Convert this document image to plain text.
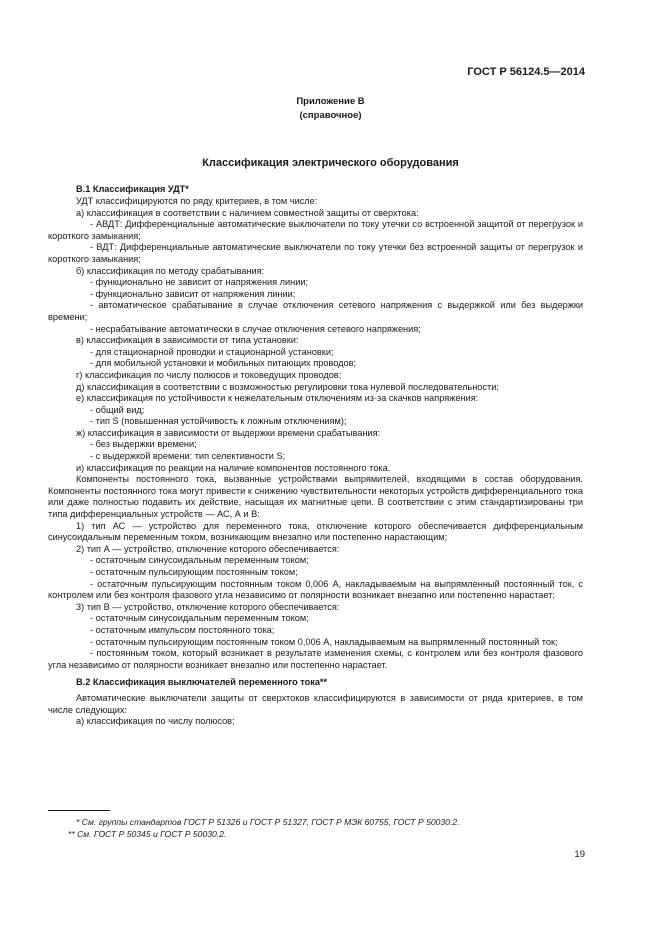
ГОСТ Р 56124.5—2014
Приложение В
(справочное)
Классификация электрического оборудования
В.1 Классификация УДТ*

УДТ классифицируются по ряду критериев, в том числе:

а) классификация в соответствии с наличием совместной защиты от сверхтока:

- АВДТ: Дифференциальные автоматические выключатели по току утечки со встроенной защитой от перегрузок и короткого замыкания;

- ВДТ: Дифференциальные автоматические выключатели по току утечки без встроенной защиты от перегрузок и короткого замыкания;

б) классификация по методу срабатывания:

- функционально не зависит от напряжения линии;

- функционально зависит от напряжения линии;

- автоматическое срабатывание в случае отключения сетевого напряжения с выдержкой или без выдержки времени;

- несрабатывание автоматически в случае отключения сетевого напряжения;

в) классификация в зависимости от типа установки:

- для стационарной проводки и стационарной установки;

- для мобильной установки и мобильных питающих проводов;

г) классификация по числу полюсов и токоведущих проводов;

д) классификация в соответствии с возможностью регулировки тока нулевой последовательности;

е) классификация по устойчивости к нежелательным отключениям из-за скачков напряжения:

- общий вид;

- тип S (повышенная устойчивость к ложным отключениям);

ж) классификация в зависимости от выдержки времени срабатывания:

- без выдержки времени;

- с выдержкой времени: тип селективности S;

и) классификация по реакции на наличие компонентов постоянного тока.

Компоненты постоянного тока, вызванные устройствами выпрямителей, входящими в состав оборудования. Компоненты постоянного тока могут привести к снижению чувствительности некоторых устройств дифференциального тока или даже полностью подавить их действие, насыщая их магнитные цепи. В соответствии с этим стандартизированы три типа дифференциальных устройств — АС, А и В:

1) тип АС — устройство для переменного тока, отключение которого обеспечивается дифференциальным синусоидальным переменным током, возникающим внезапно или постепенно нарастающим;

2) тип А — устройство, отключение которого обеспечивается:

- остаточным синусоидальным переменным током;

- остаточным пульсирующим постоянным током;

- остаточным пульсирующим постоянным током 0,006 А, накладываемым на выпрямленный постоянный ток, с контролем или без контроля фазового угла независимо от полярности возникает внезапно или постепенно нарастает;

3) тип В — устройство, отключение которого обеспечивается:

- остаточным синусоидальным переменным током;

- остаточным импульсом постоянного тока;

- остаточным пульсирующим постоянным током 0,006 А, накладываемым на выпрямленный постоянный ток;

- постоянным током, который возникает в результате изменения схемы, с контролем или без контроля фазового угла независимо от полярности возникает внезапно или постепенно нарастает.

В.2 Классификация выключателей переменного тока**

Автоматические выключатели защиты от сверхтоков классифицируются в зависимости от ряда критериев, в том числе следующих:

а) классификация по числу полюсов;

* См. группы стандартов ГОСТ Р 51326 и ГОСТ Р 51327, ГОСТ Р МЭК 60755, ГОСТ Р 50030.2.
** См. ГОСТ Р 50345 и ГОСТ Р 50030.2.
19
